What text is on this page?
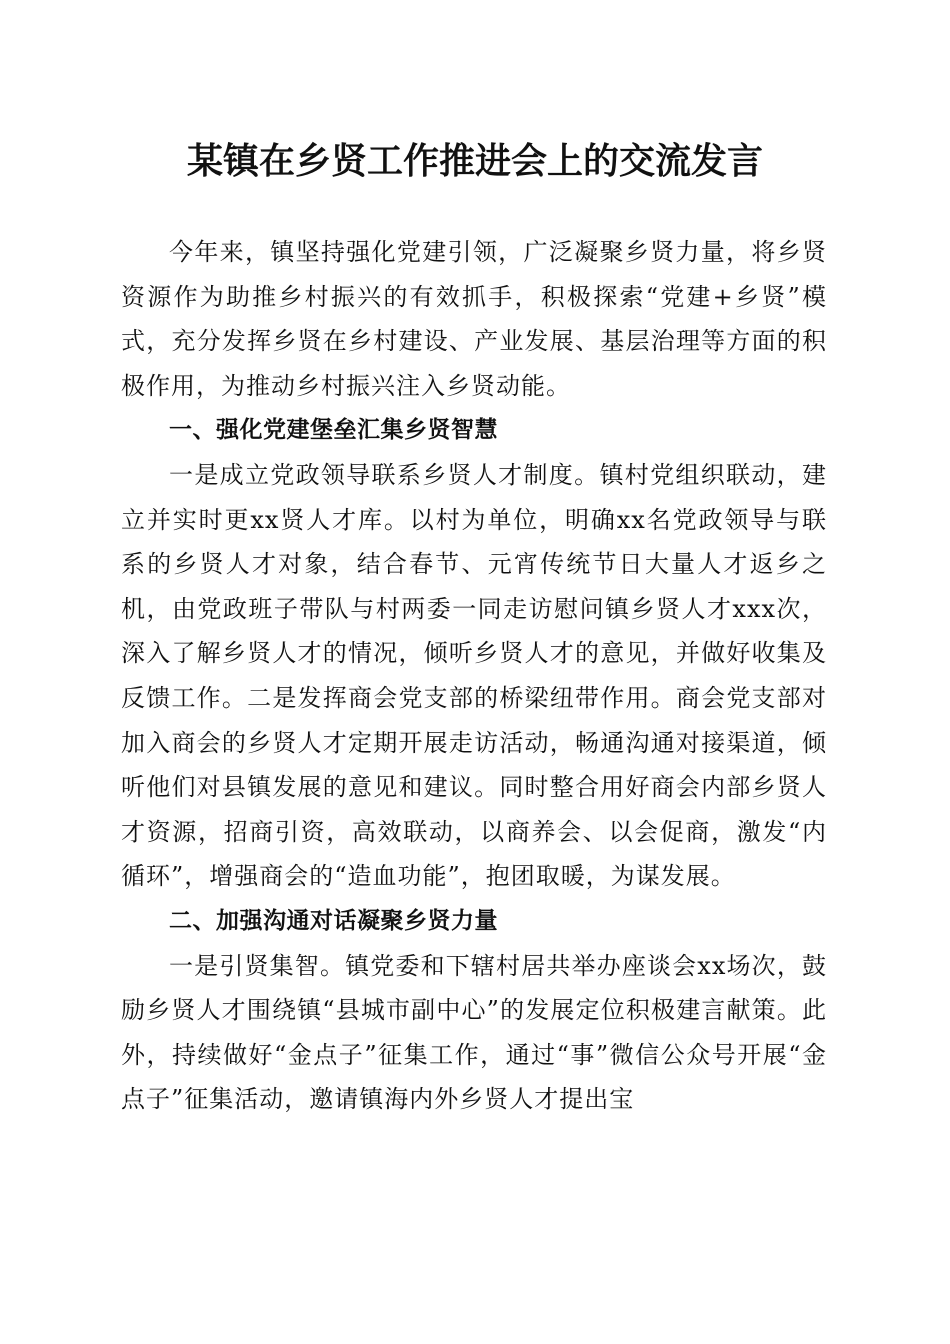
某镇在乡贤工作推进会上的交流发言

今年来，镇坚持强化党建引领，广泛凝聚乡贤力量，将乡贤资源作为助推乡村振兴的有效抓手，积极探索“党建+乡贤”模式，充分发挥乡贤在乡村建设、产业发展、基层治理等方面的积极作用，为推动乡村振兴注入乡贤动能。

一、强化党建堡垒汇集乡贤智慧

一是成立党政领导联系乡贤人才制度。镇村党组织联动，建立并实时更xx贤人才库。以村为单位，明确xx名党政领导与联系的乡贤人才对象，结合春节、元宵传统节日大量人才返乡之机，由党政班子带队与村两委一同走访慰问镇乡贤人才xxx次，深入了解乡贤人才的情况，倾听乡贤人才的意见，并做好收集及反馈工作。二是发挥商会党支部的桥梁纽带作用。商会党支部对加入商会的乡贤人才定期开展走访活动，畅通沟通对接渠道，倾听他们对县镇发展的意见和建议。同时整合用好商会内部乡贤人才资源，招商引资，高效联动，以商养会、以会促商，激发“内循环”，增强商会的“造血功能”，抱团取暖，为谋发展。

二、加强沟通对话凝聚乡贤力量

一是引贤集智。镇党委和下辖村居共举办座谈会xx场次，鼓励乡贤人才围绕镇“县城市副中心”的发展定位积极建言献策。此外，持续做好“金点子”征集工作，通过“事”微信公众号开展“金点子”征集活动，邀请镇海内外乡贤人才提出宝
